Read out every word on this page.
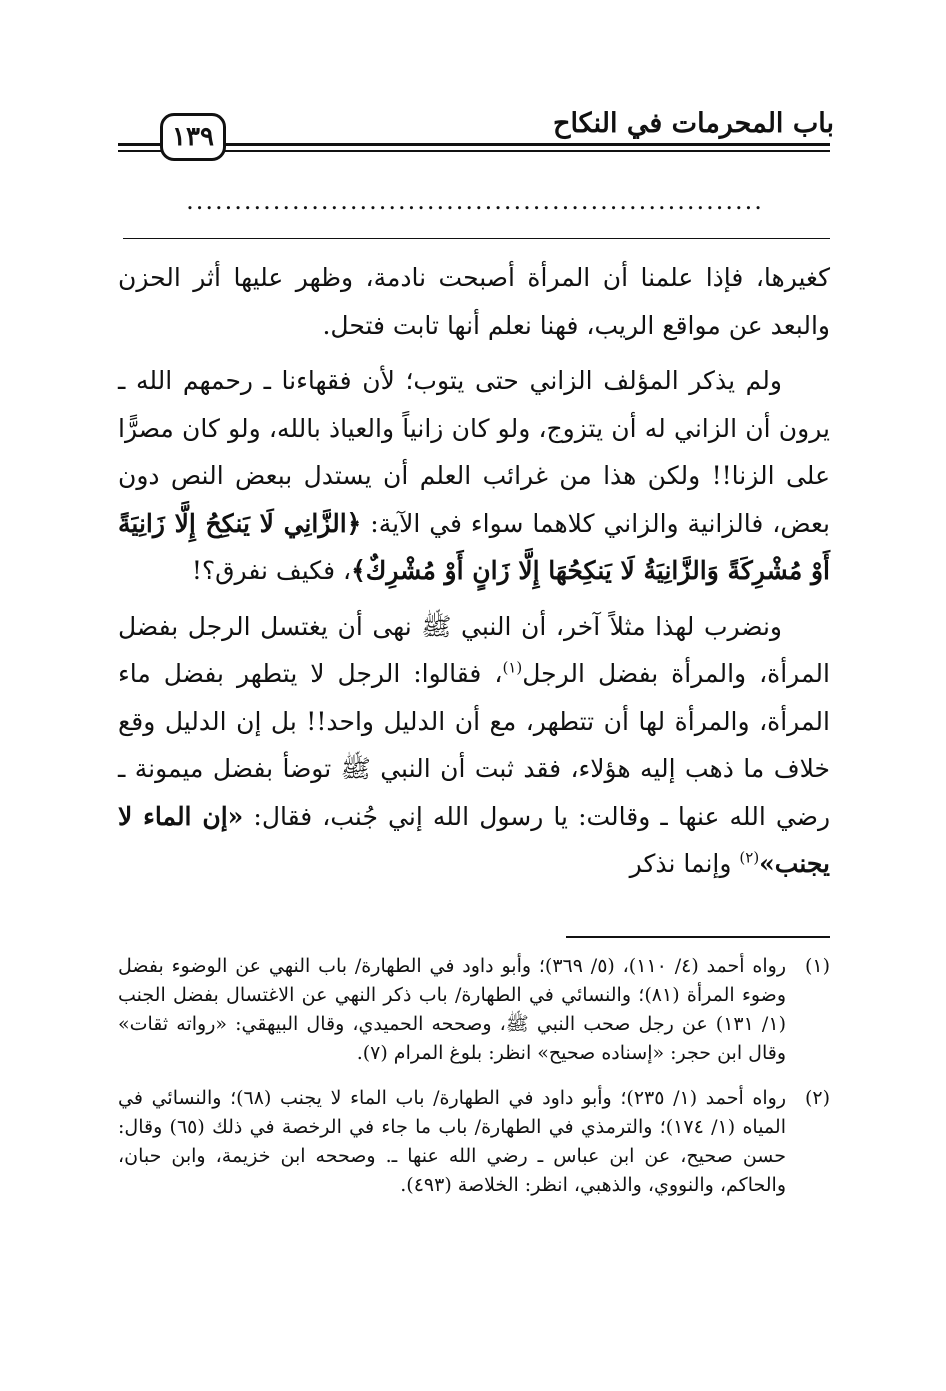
باب المحرمات في النكاح
١٣٩
............................................................

كغيرها، فإذا علمنا أن المرأة أصبحت نادمة، وظهر عليها أثر الحزن والبعد عن مواقع الريب، فهنا نعلم أنها تابت فتحل.

ولم يذكر المؤلف الزاني حتى يتوب؛ لأن فقهاءنا ـ رحمهم الله ـ يرون أن الزاني له أن يتزوج، ولو كان زانياً والعياذ بالله، ولو كان مصرًّا على الزنا!! ولكن هذا من غرائب العلم أن يستدل ببعض النص دون بعض، فالزانية والزاني كلاهما سواء في الآية: ﴿الزَّانِي لَا يَنكِحُ إِلَّا زَانِيَةً أَوْ مُشْرِكَةً وَالزَّانِيَةُ لَا يَنكِحُهَا إِلَّا زَانٍ أَوْ مُشْرِكٌ﴾، فكيف نفرق؟!

ونضرب لهذا مثلاً آخر، أن النبي ﷺ نهى أن يغتسل الرجل بفضل المرأة، والمرأة بفضل الرجل$^{(١)}$، فقالوا: الرجل لا يتطهر بفضل ماء المرأة، والمرأة لها أن تتطهر، مع أن الدليل واحد!! بل إن الدليل وقع خلاف ما ذهب إليه هؤلاء، فقد ثبت أن النبي ﷺ توضأ بفضل ميمونة ـ رضي الله عنها ـ وقالت: يا رسول الله إني جُنب، فقال: «إن الماء لا يجنب»$^{(٢)}$ وإنما نذكر

(١)
رواه أحمد (٤/ ١١٠)، (٥/ ٣٦٩)؛ وأبو داود في الطهارة/ باب النهي عن الوضوء بفضل وضوء المرأة (٨١)؛ والنسائي في الطهارة/ باب ذكر النهي عن الاغتسال بفضل الجنب (١/ ١٣١) عن رجل صحب النبي ﷺ، وصححه الحميدي، وقال البيهقي: «رواته ثقات» وقال ابن حجر: «إسناده صحيح» انظر: بلوغ المرام (٧).
(٢)
رواه أحمد (١/ ٢٣٥)؛ وأبو داود في الطهارة/ باب الماء لا يجنب (٦٨)؛ والنسائي في المياه (١/ ١٧٤)؛ والترمذي في الطهارة/ باب ما جاء في الرخصة في ذلك (٦٥) وقال: حسن صحيح، عن ابن عباس ـ رضي الله عنها ـ. وصححه ابن خزيمة، وابن حبان، والحاكم، والنووي، والذهبي، انظر: الخلاصة (٤٩٣).
